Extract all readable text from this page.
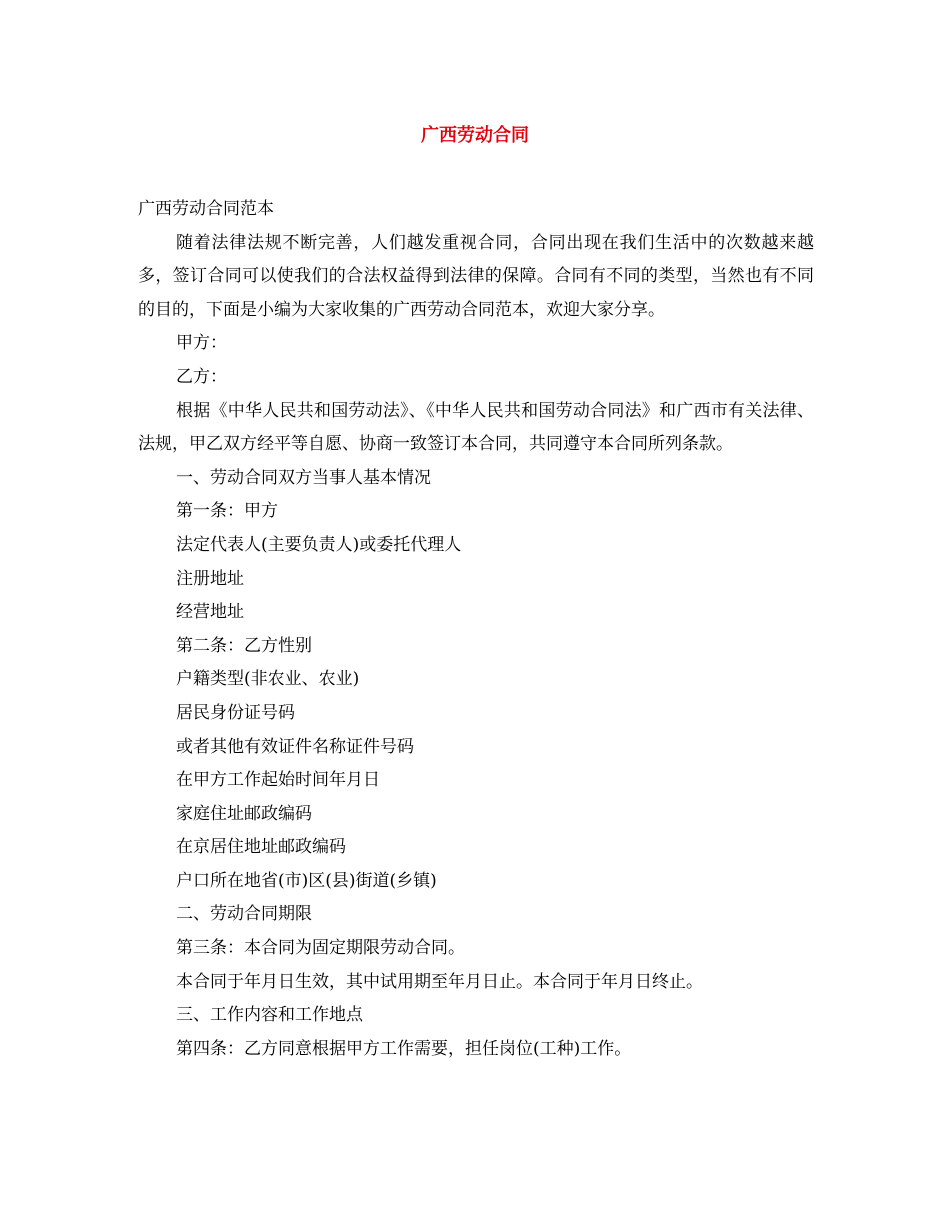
广西劳动合同

广西劳动合同范本

随着法律法规不断完善，人们越发重视合同，合同出现在我们生活中的次数越来越多，签订合同可以使我们的合法权益得到法律的保障。合同有不同的类型，当然也有不同的目的，下面是小编为大家收集的广西劳动合同范本，欢迎大家分享。

甲方：

乙方：

根据《中华人民共和国劳动法》、《中华人民共和国劳动合同法》和广西市有关法律、法规，甲乙双方经平等自愿、协商一致签订本合同，共同遵守本合同所列条款。

一、劳动合同双方当事人基本情况

第一条：甲方

法定代表人(主要负责人)或委托代理人

注册地址

经营地址

第二条：乙方性别

户籍类型(非农业、农业)

居民身份证号码

或者其他有效证件名称证件号码

在甲方工作起始时间年月日

家庭住址邮政编码

在京居住地址邮政编码

户口所在地省(市)区(县)街道(乡镇)

二、劳动合同期限

第三条：本合同为固定期限劳动合同。

本合同于年月日生效，其中试用期至年月日止。本合同于年月日终止。

三、工作内容和工作地点

第四条：乙方同意根据甲方工作需要，担任岗位(工种)工作。
